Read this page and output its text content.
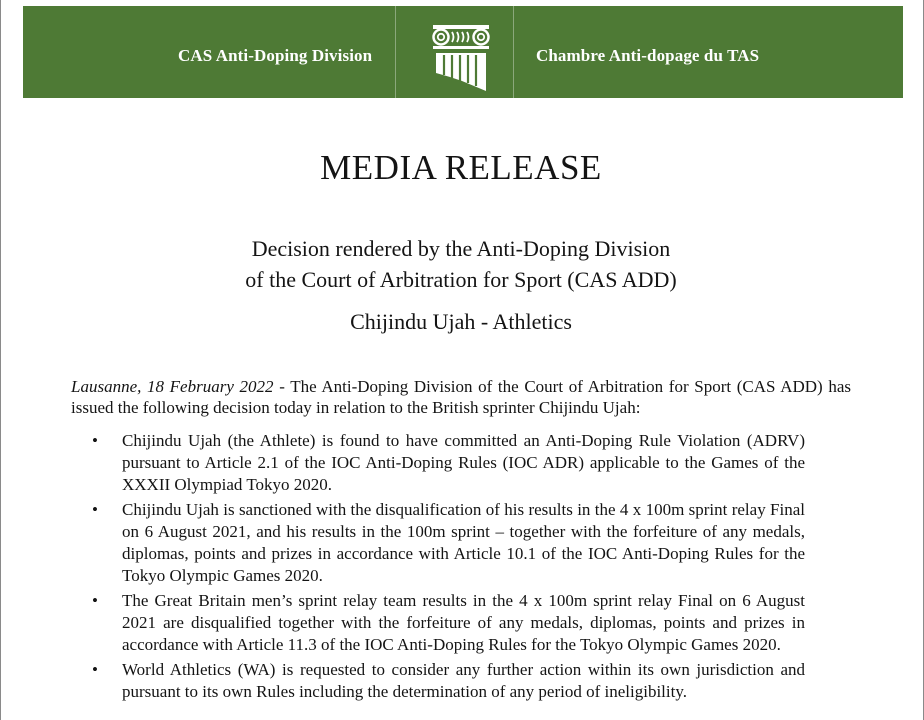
CAS Anti-Doping Division	Chambre Anti-dopage du TAS
MEDIA RELEASE
Decision rendered by the Anti-Doping Division
of the Court of Arbitration for Sport (CAS ADD)
Chijindu Ujah - Athletics

Lausanne, 18 February 2022 - The Anti-Doping Division of the Court of Arbitration for Sport (CAS ADD) has issued the following decision today in relation to the British sprinter Chijindu Ujah:

• Chijindu Ujah (the Athlete) is found to have committed an Anti-Doping Rule Violation (ADRV) pursuant to Article 2.1 of the IOC Anti-Doping Rules (IOC ADR) applicable to the Games of the XXXII Olympiad Tokyo 2020.
• Chijindu Ujah is sanctioned with the disqualification of his results in the 4 x 100m sprint relay Final on 6 August 2021, and his results in the 100m sprint – together with the forfeiture of any medals, diplomas, points and prizes in accordance with Article 10.1 of the IOC Anti-Doping Rules for the Tokyo Olympic Games 2020.
• The Great Britain men’s sprint relay team results in the 4 x 100m sprint relay Final on 6 August 2021 are disqualified together with the forfeiture of any medals, diplomas, points and prizes in accordance with Article 11.3 of the IOC Anti-Doping Rules for the Tokyo Olympic Games 2020.
• World Athletics (WA) is requested to consider any further action within its own jurisdiction and pursuant to its own Rules including the determination of any period of ineligibility.
